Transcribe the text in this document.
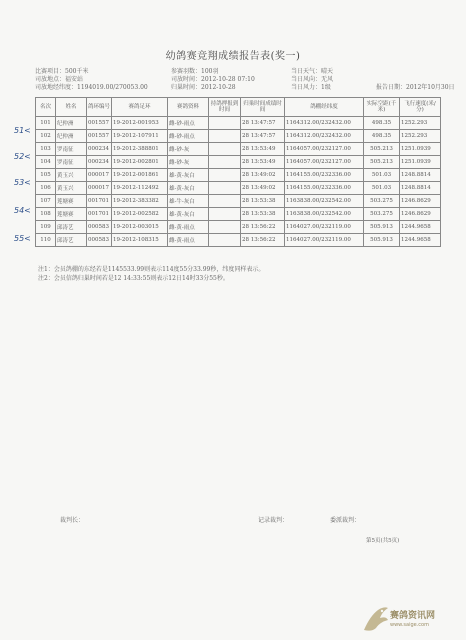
幼鸽赛竞翔成绩报告表(奖一)
比赛项目：500千米
司放地点：福安站
司放地经纬度：1194019.00/270053.00
参赛羽数：100羽
司放时间：2012-10-28 07:10
归巢时间：2012-10-28
当日天气：晴天
当日风向：无风
当日风力：1级	报告日期：2012年10月30日
名次	姓名	鸽环编号	赛鸽足环	赛鸽资料	持鸽押报到时间	归巢时间成绩时间	鸽棚经纬度	实际空距(千米)	飞行速度(米/分)
101	纪仲洲	001557	19-2012-001953	雌-砂-雨点		28 13:47:57	1164312.00/232432.00	498.35	1252.293
102	纪仲洲	001557	19-2012-107911	雌-砂-雨点		28 13:47:57	1164312.00/232432.00	498.35	1252.293
103	罗南征	000234	19-2012-388801	雌-砂-灰		28 13:53:49	1164057.00/232127.00	505.213	1251.0939
104	罗南征	000234	19-2012-002801	雌-砂-灰		28 13:53:49	1164057.00/232127.00	505.213	1251.0939
105	黄玉兴	000017	19-2012-001861	雄-黄-灰白		28 13:49:02	1164155.00/232336.00	501.03	1248.8814
106	黄玉兴	000017	19-2012-112492	雄-黄-灰白		28 13:49:02	1164155.00/232336.00	501.03	1248.8814
107	莲塘赛	001701	19-2012-383382	雄-牛-灰白		28 13:53:38	1163838.00/232542.00	503.275	1246.8629
108	莲塘赛	001701	19-2012-002582	雄-黄-灰白		28 13:53:38	1163838.00/232542.00	503.275	1246.8629
109	邱涛艺	000583	19-2012-003015	雌-黄-雨点		28 13:56:22	1164027.00/232119.00	505.913	1244.9658
110	邱涛艺	000583	19-2012-108315	雌-黄-雨点		28 13:56:22	1164027.00/232119.00	505.913	1244.9658
51<
52<
53<
54<
55<
注1：会员鸽棚的东经若是1145533.99则表示114度55分33.99秒，纬度同样表示。
注2：会员信鸽归巢时间若是12 14:33:55则表示12日14时33分55秒。
裁判长：	记录裁判：	委派裁判：
第5页(共5页)
赛鸽资讯网
www.saige.com
